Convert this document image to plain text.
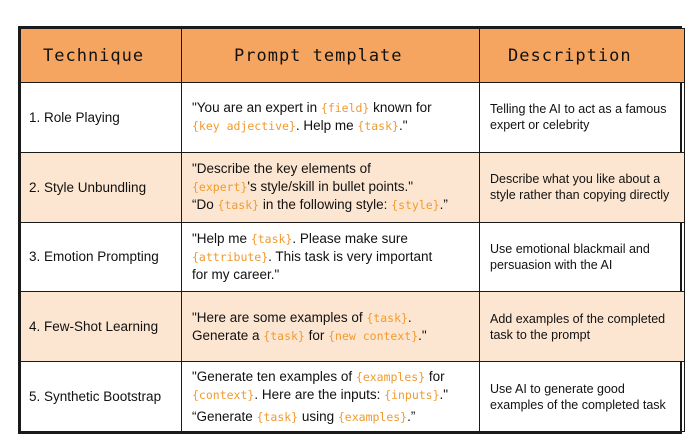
Technique	Prompt template	Description
1. Role Playing	"You are an expert in {field} known for
{key adjective}. Help me {task}."	Telling the AI to act as a famous expert or celebrity
2. Style Unbundling	"Describe the key elements of
{expert}'s style/skill in bullet points."
“Do {task} in the following style: {style}.”	Describe what you like about a style rather than copying directly
3. Emotion Prompting	"Help me {task}. Please make sure
{attribute}. This task is very important
for my career."	Use emotional blackmail and persuasion with the AI
4. Few-Shot Learning	"Here are some examples of {task}.
Generate a {task} for {new context}."	Add examples of the completed task to the prompt
5. Synthetic Bootstrap	"Generate ten examples of {examples} for
{context}. Here are the inputs: {inputs}."
“Generate {task} using {examples}.”	Use AI to generate good examples of the completed task
